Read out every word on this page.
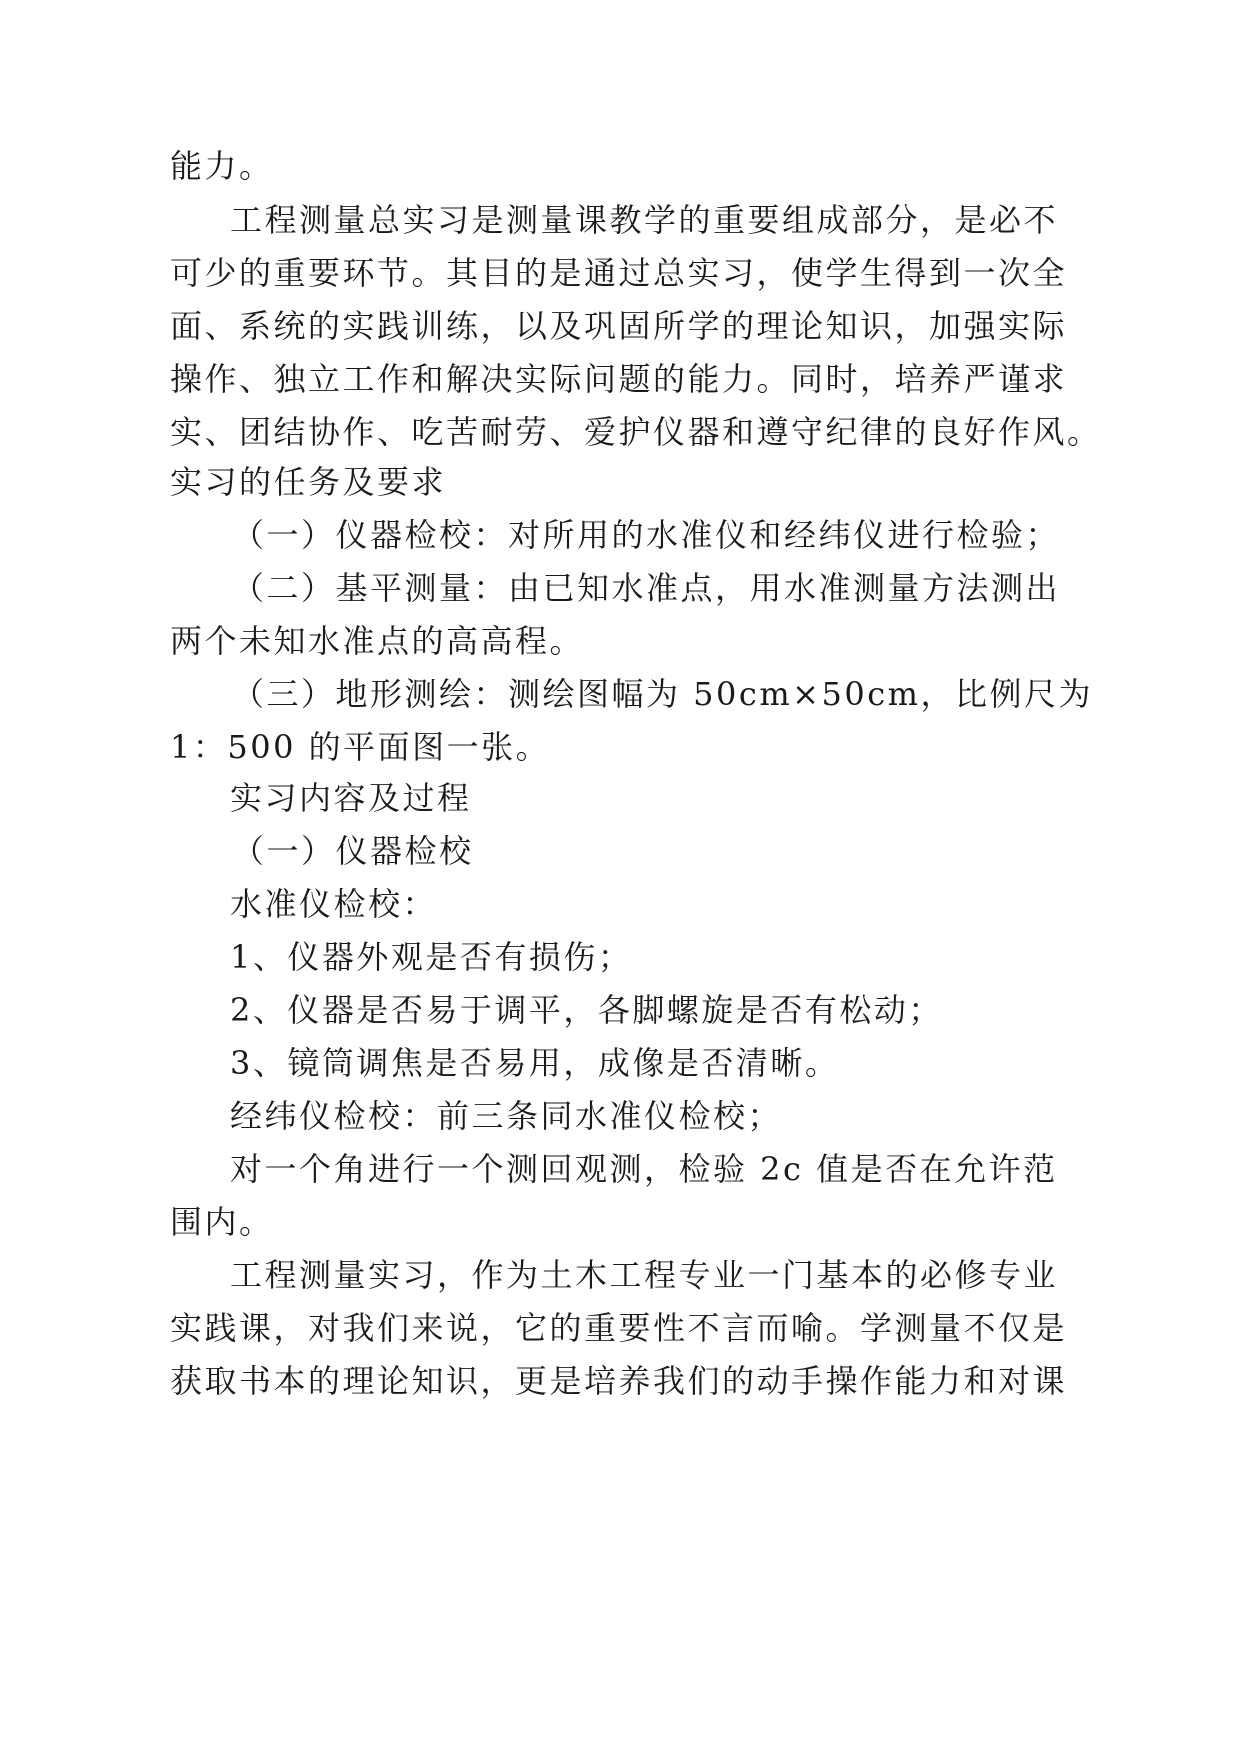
能力。
工程测量总实习是测量课教学的重要组成部分，是必不
可少的重要环节。其目的是通过总实习，使学生得到一次全
面、系统的实践训练，以及巩固所学的理论知识，加强实际
操作、独立工作和解决实际问题的能力。同时，培养严谨求
实、团结协作、吃苦耐劳、爱护仪器和遵守纪律的良好作风。
实习的任务及要求
（一）仪器检校：对所用的水准仪和经纬仪进行检验；
（二）基平测量：由已知水准点，用水准测量方法测出
两个未知水准点的高高程。
（三）地形测绘：测绘图幅为 50cm×50cm，比例尺为
1：500 的平面图一张。
实习内容及过程
（一）仪器检校
水准仪检校：
1、仪器外观是否有损伤；
2、仪器是否易于调平，各脚螺旋是否有松动；
3、镜筒调焦是否易用，成像是否清晰。
经纬仪检校：前三条同水准仪检校；
对一个角进行一个测回观测，检验 2c 值是否在允许范
围内。
工程测量实习，作为土木工程专业一门基本的必修专业
实践课，对我们来说，它的重要性不言而喻。学测量不仅是
获取书本的理论知识，更是培养我们的动手操作能力和对课
